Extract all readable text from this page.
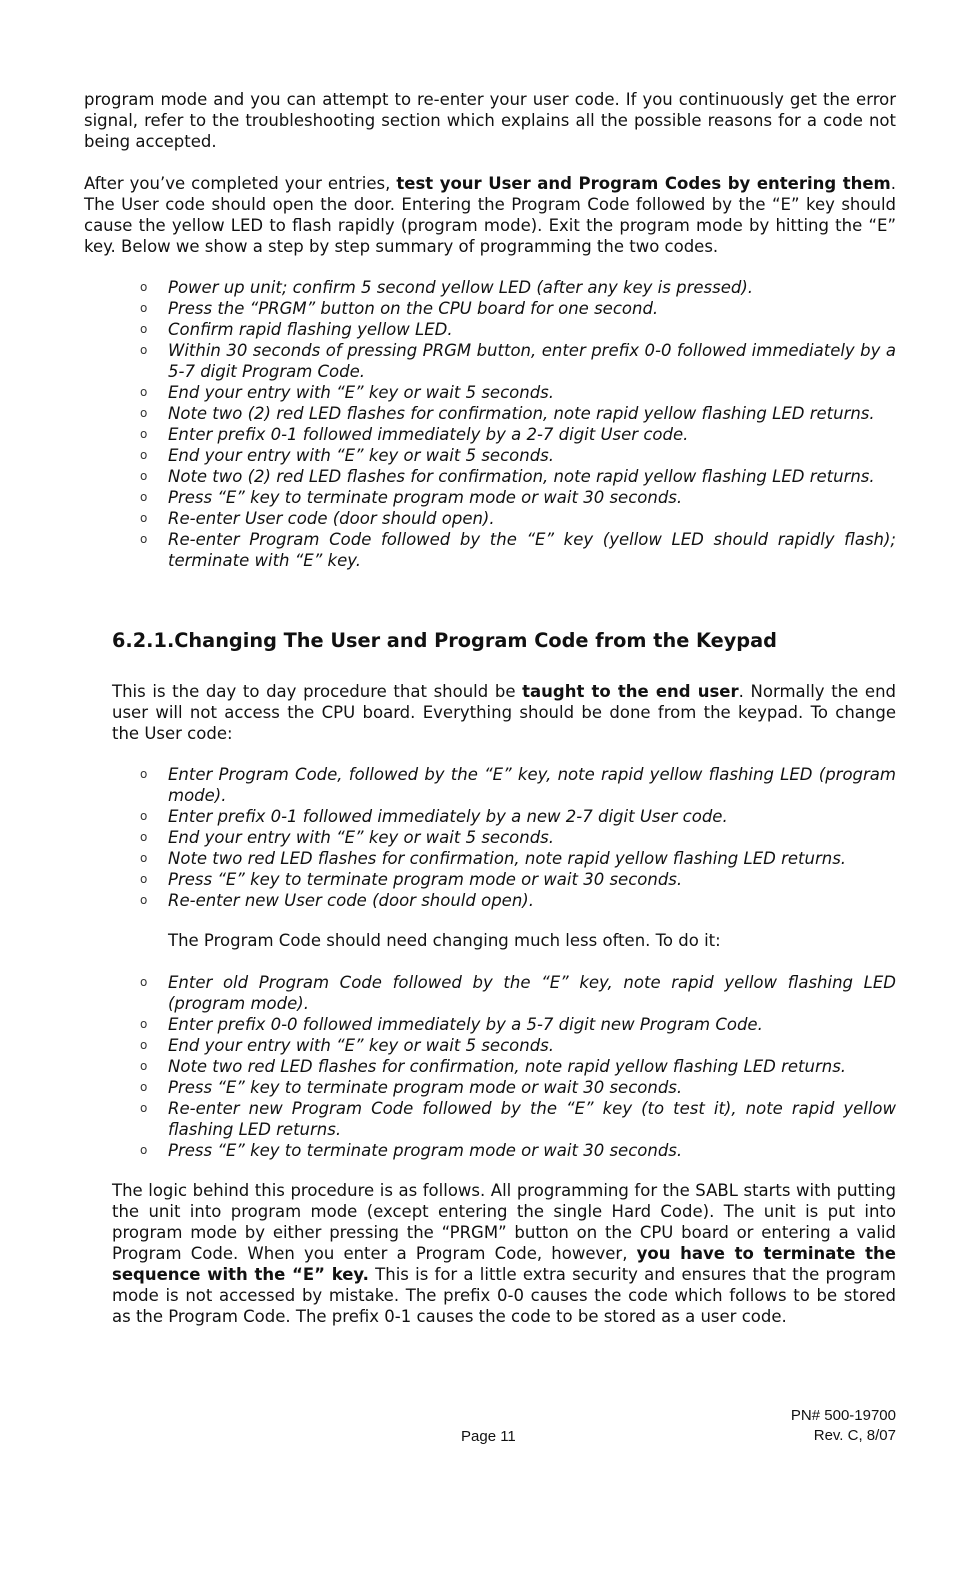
program mode and you can attempt to re-enter your user code. If you continuously get the error signal, refer to the troubleshooting section which explains all the possible reasons for a code not being accepted.

After you’ve completed your entries, test your User and Program Codes by entering them. The User code should open the door. Entering the Program Code followed by the “E” key should cause the yellow LED to flash rapidly (program mode). Exit the program mode by hitting the “E” key. Below we show a step by step summary of programming the two codes.

o Power up unit; confirm 5 second yellow LED (after any key is pressed).
o Press the “PRGM” button on the CPU board for one second.
o Confirm rapid flashing yellow LED.
o Within 30 seconds of pressing PRGM button, enter prefix 0-0 followed immediately by a 5-7 digit Program Code.
o End your entry with “E” key or wait 5 seconds.
o Note two (2) red LED flashes for confirmation, note rapid yellow flashing LED returns.
o Enter prefix 0-1 followed immediately by a 2-7 digit User code.
o End your entry with “E” key or wait 5 seconds.
o Note two (2) red LED flashes for confirmation, note rapid yellow flashing LED returns.
o Press “E” key to terminate program mode or wait 30 seconds.
o Re-enter User code (door should open).
o Re-enter Program Code followed by the “E” key (yellow LED should rapidly flash); terminate with “E” key.
6.2.1.Changing The User and Program Code from the Keypad

This is the day to day procedure that should be taught to the end user. Normally the end user will not access the CPU board. Everything should be done from the keypad. To change the User code:

o Enter Program Code, followed by the “E” key, note rapid yellow flashing LED (program mode).
o Enter prefix 0-1 followed immediately by a new 2-7 digit User code.
o End your entry with “E” key or wait 5 seconds.
o Note two red LED flashes for confirmation, note rapid yellow flashing LED returns.
o Press “E” key to terminate program mode or wait 30 seconds.
o Re-enter new User code (door should open).

The Program Code should need changing much less often. To do it:

o Enter old Program Code followed by the “E” key, note rapid yellow flashing LED (program mode).
o Enter prefix 0-0 followed immediately by a 5-7 digit new Program Code.
o End your entry with “E” key or wait 5 seconds.
o Note two red LED flashes for confirmation, note rapid yellow flashing LED returns.
o Press “E” key to terminate program mode or wait 30 seconds.
o Re-enter new Program Code followed by the “E” key (to test it), note rapid yellow flashing LED returns.
o Press “E” key to terminate program mode or wait 30 seconds.

The logic behind this procedure is as follows. All programming for the SABL starts with putting the unit into program mode (except entering the single Hard Code). The unit is put into program mode by either pressing the “PRGM” button on the CPU board or entering a valid Program Code. When you enter a Program Code, however, you have to terminate the sequence with the “E” key. This is for a little extra security and ensures that the program mode is not accessed by mistake. The prefix 0-0 causes the code which follows to be stored as the Program Code. The prefix 0-1 causes the code to be stored as a user code.

PN# 500-19700
Page 11	Rev. C, 8/07
